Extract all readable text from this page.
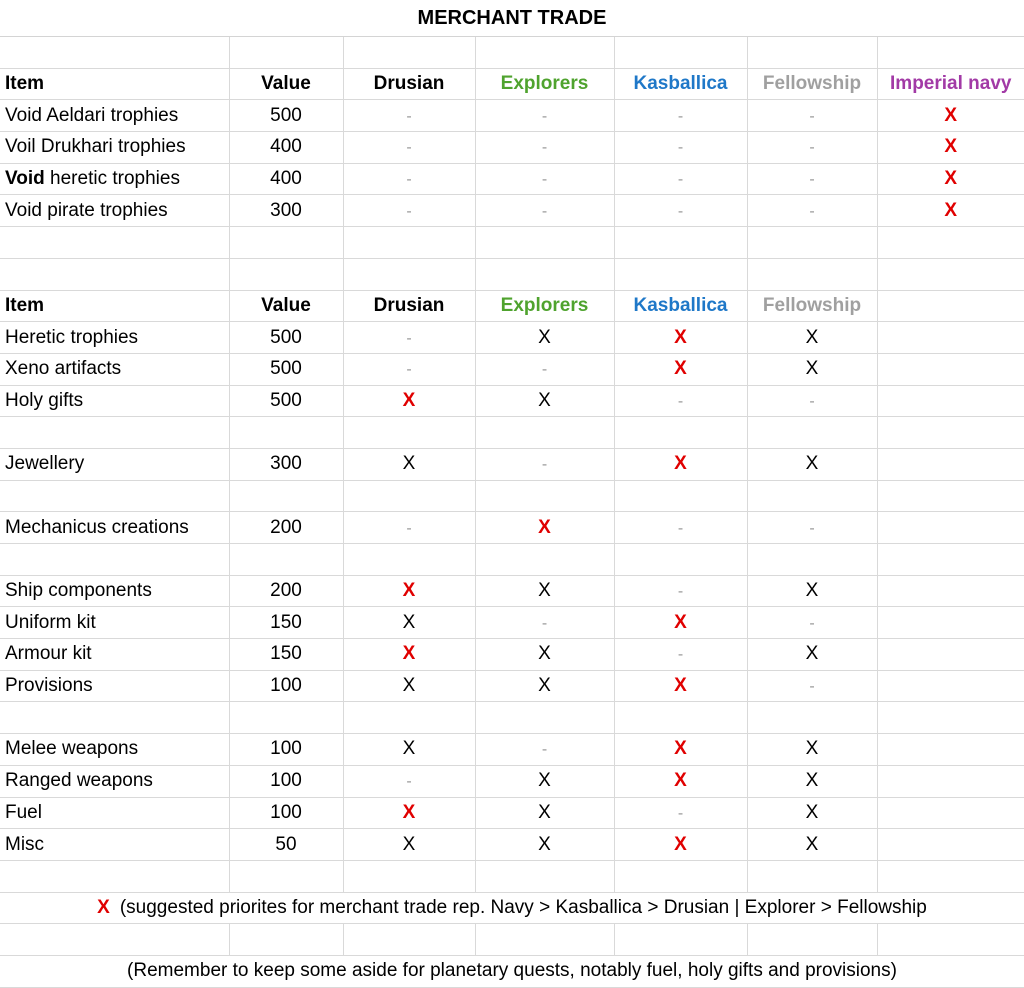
MERCHANT TRADE

Item	Value	Drusian	Explorers	Kasballica	Fellowship	Imperial navy
Void Aeldari trophies	500	-	-	-	-	X
Voil Drukhari trophies	400	-	-	-	-	X
Void heretic trophies	400	-	-	-	-	X
Void pirate trophies	300	-	-	-	-	X

Item	Value	Drusian	Explorers	Kasballica	Fellowship	
Heretic trophies	500	-	X	X	X	
Xeno artifacts	500	-	-	X	X	
Holy gifts	500	X	X	-	-	

Jewellery	300	X	-	X	X	

Mechanicus creations	200	-	X	-	-	

Ship components	200	X	X	-	X	
Uniform kit	150	X	-	X	-	
Armour kit	150	X	X	-	X	
Provisions	100	X	X	X	-	

Melee weapons	100	X	-	X	X	
Ranged weapons	100	-	X	X	X	
Fuel	100	X	X	-	X	
Misc	50	X	X	X	X	

X (suggested priorites for merchant trade rep. Navy > Kasballica > Drusian | Explorer > Fellowship						

(Remember to keep some aside for planetary quests, notably fuel, holy gifts and provisions)						
